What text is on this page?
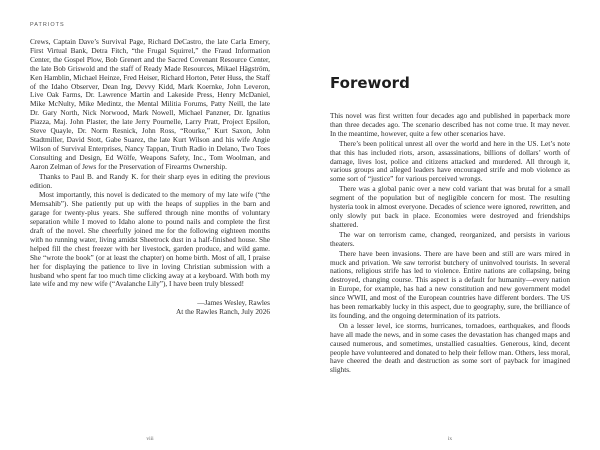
PATRIOTS

Crews, Captain Dave’s Survival Page, Richard DeCastro, the late Carla Emery, First Virtual Bank, Detra Fitch, “the Frugal Squirrel,” the Fraud Information Center, the Gospel Plow, Bob Grenert and the Sacred Covenant Resource Center, the late Bob Griswold and the staff of Ready Made Resources, Mikael Hägström, Ken Hamblin, Michael Heinze, Fred Heiser, Richard Horton, Peter Huss, the Staff of the Idaho Observer, Dean Ing, Devvy Kidd, Mark Koernke, John Leveron, Live Oak Farms, Dr. Lawrence Martin and Lakeside Press, Henry McDaniel, Mike McNulty, Mike Medintz, the Mental Militia Forums, Patty Neill, the late Dr. Gary North, Nick Norwood, Mark Nowell, Michael Panzner, Dr. Ignatius Piazza, Maj. John Plaster, the late Jerry Pournelle, Larry Pratt, Project Epsilon, Steve Quayle, Dr. Norm Resnick, John Ross, “Rourke,” Kurt Saxon, John Stadtmiller, David Stott, Gabe Suarez, the late Kurt Wilson and his wife Angie Wilson of Survival Enterprises, Nancy Tappan, Truth Radio in Delano, Two Toes Consulting and Design, Ed Wölfe, Weapons Safety, Inc., Tom Woolman, and Aaron Zelman of Jews for the Preservation of Firearms Ownership.

Thanks to Paul B. and Randy K. for their sharp eyes in editing the previous edition.

Most importantly, this novel is dedicated to the memory of my late wife (“the Memsahib”). She patiently put up with the heaps of supplies in the barn and garage for twenty-plus years. She suffered through nine months of voluntary separation while I moved to Idaho alone to pound nails and complete the first draft of the novel. She cheerfully joined me for the following eighteen months with no running water, living amidst Sheetrock dust in a half-finished house. She helped fill the chest freezer with her livestock, garden produce, and wild game. She “wrote the book” (or at least the chapter) on home birth. Most of all, I praise her for displaying the patience to live in loving Christian submission with a husband who spent far too much time clicking away at a keyboard. With both my late wife and my new wife (“Avalanche Lily”), I have been truly blessed!

—James Wesley, Rawles
At the Rawles Ranch, July 2026
viii
Foreword

This novel was first written four decades ago and published in paperback more than three decades ago. The scenario described has not come true. It may never. In the meantime, however, quite a few other scenarios have.

There’s been political unrest all over the world and here in the US. Let’s note that this has included riots, arson, assassinations, billions of dollars’ worth of damage, lives lost, police and citizens attacked and murdered. All through it, various groups and alleged leaders have encouraged strife and mob violence as some sort of “justice” for various perceived wrongs.

There was a global panic over a new cold variant that was brutal for a small segment of the population but of negligible concern for most. The resulting hysteria took in almost everyone. Decades of science were ignored, rewritten, and only slowly put back in place. Economies were destroyed and friendships shattered.

The war on terrorism came, changed, reorganized, and persists in various theaters.

There have been invasions. There are have been and still are wars mired in muck and privation. We saw terrorist butchery of uninvolved tourists. In several nations, religious strife has led to violence. Entire nations are collapsing, being destroyed, changing course. This aspect is a default for humanity—every nation in Europe, for example, has had a new constitution and new government model since WWII, and most of the European countries have different borders. The US has been remarkably lucky in this aspect, due to geography, sure, the brilliance of its founding, and the ongoing determination of its patriots.

On a lesser level, ice storms, hurricanes, tornadoes, earthquakes, and floods have all made the news, and in some cases the devastation has changed maps and caused numerous, and sometimes, unstallied casualties. Generous, kind, decent people have volunteered and donated to help their fellow man. Others, less moral, have cheered the death and destruction as some sort of payback for imagined slights.

ix
